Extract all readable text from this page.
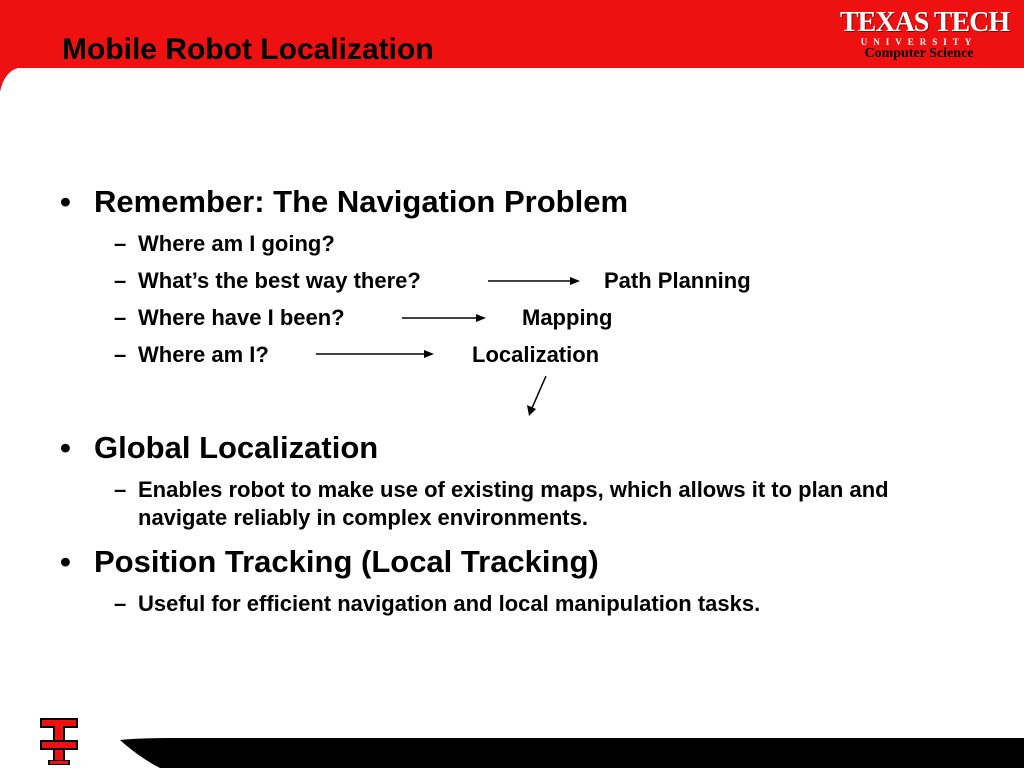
Mobile Robot Localization
TEXAS TECH
UNIVERSITY
Computer Science
• Remember: The Navigation Problem
– Where am I going?
– What’s the best way there?	Path Planning
– Where have I been?	Mapping
– Where am I?	Localization
• Global Localization
– Enables robot to make use of existing maps, which allows it to plan and navigate reliably in complex environments.
• Position Tracking (Local Tracking)
– Useful for efficient navigation and local manipulation tasks.
